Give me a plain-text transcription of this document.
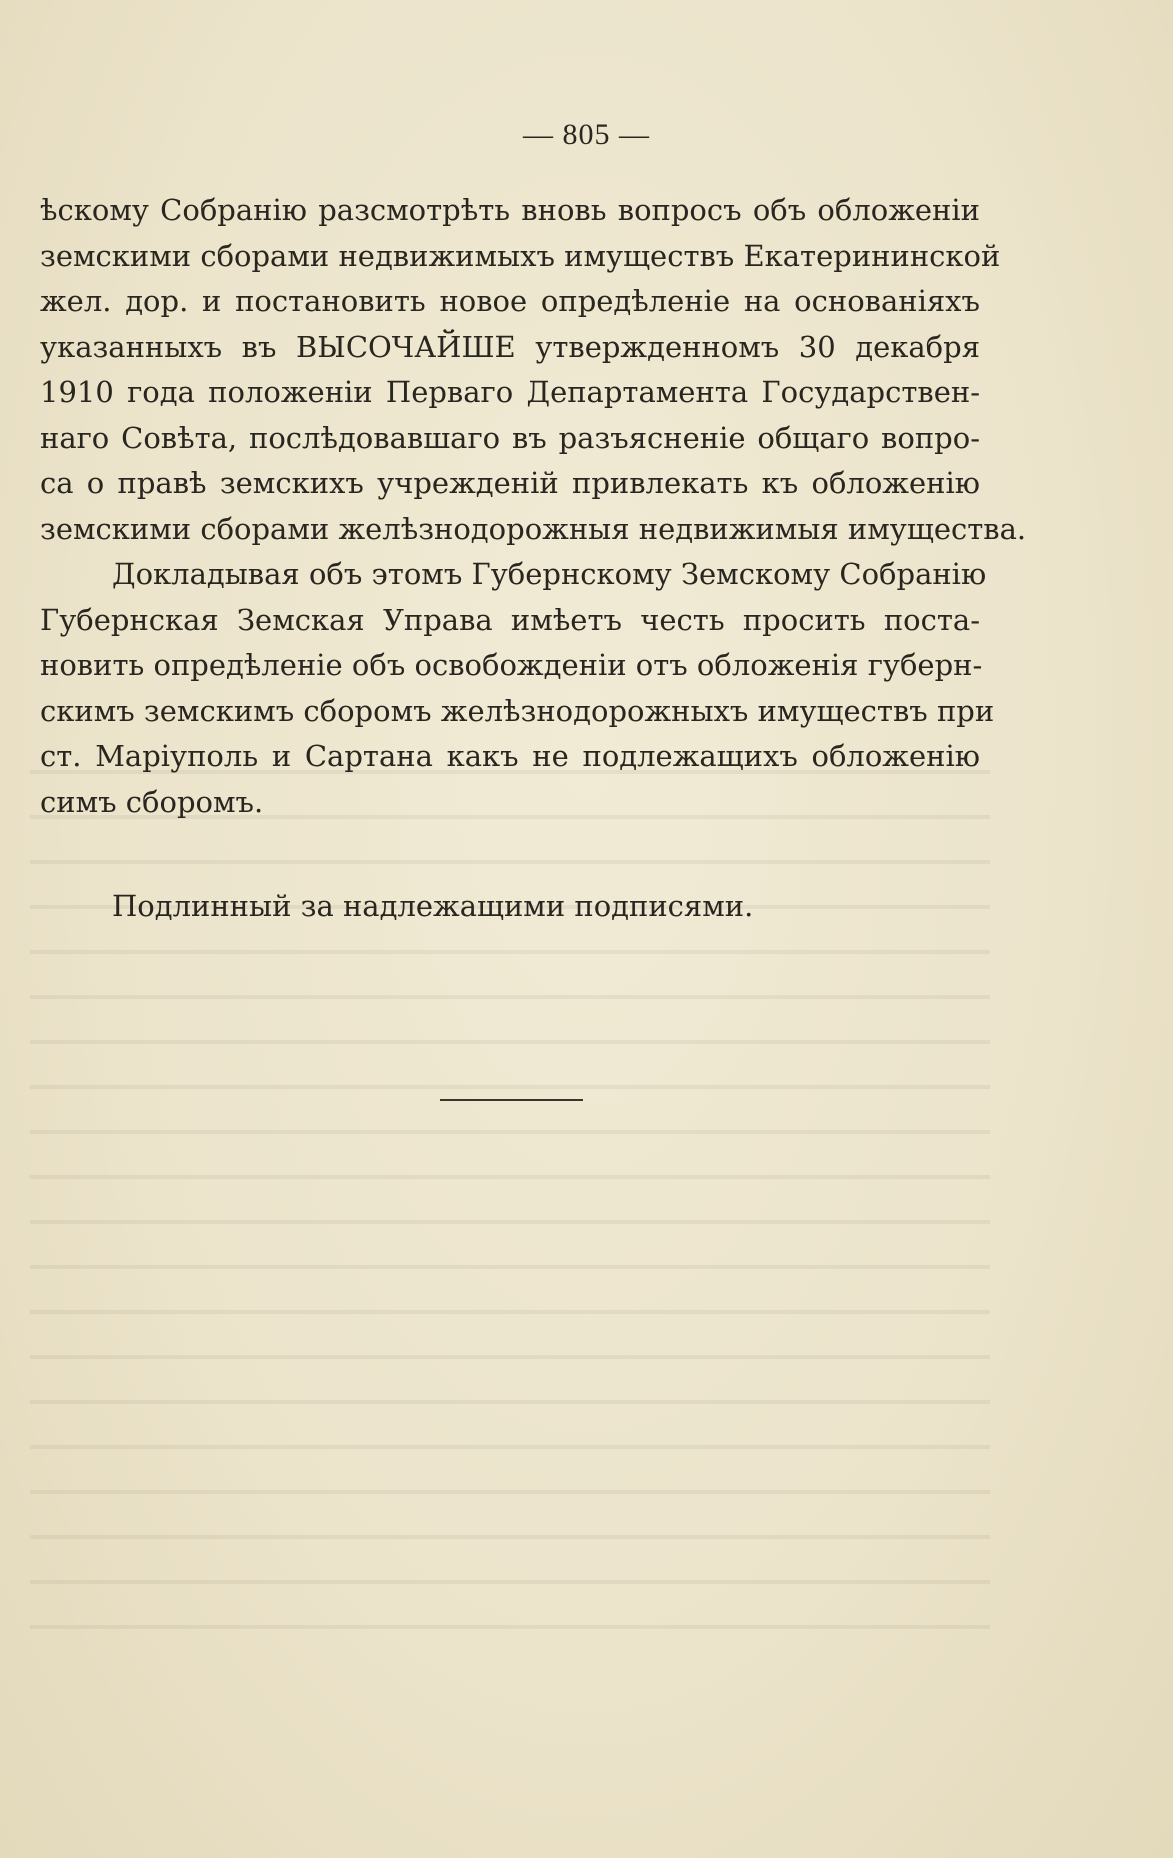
— 805 —
ѣскому Собранію разсмотрѣть вновь вопросъ объ обложеніи
земскими сборами недвижимыхъ имуществъ Екатерининской
жел. дор. и постановить новое опредѣленіе на основаніяхъ
указанныхъ въ ВЫСОЧАЙШЕ утвержденномъ 30 декабря
1910 года положеніи Перваго Департамента Государствен-
наго Совѣта, послѣдовавшаго въ разъясненіе общаго вопро-
са о правѣ земскихъ учрежденій привлекать къ обложенію
земскими сборами желѣзнодорожныя недвижимыя имущества.
Докладывая объ этомъ Губернскому Земскому Собранію
Губернская Земская Управа имѣетъ честь просить поста-
новить опредѣленіе объ освобожденіи отъ обложенія губерн-
скимъ земскимъ сборомъ желѣзнодорожныхъ имуществъ при
ст. Маріуполь и Сартана какъ не подлежащихъ обложенію
симъ сборомъ.
Подлинный за надлежащими подписями.
